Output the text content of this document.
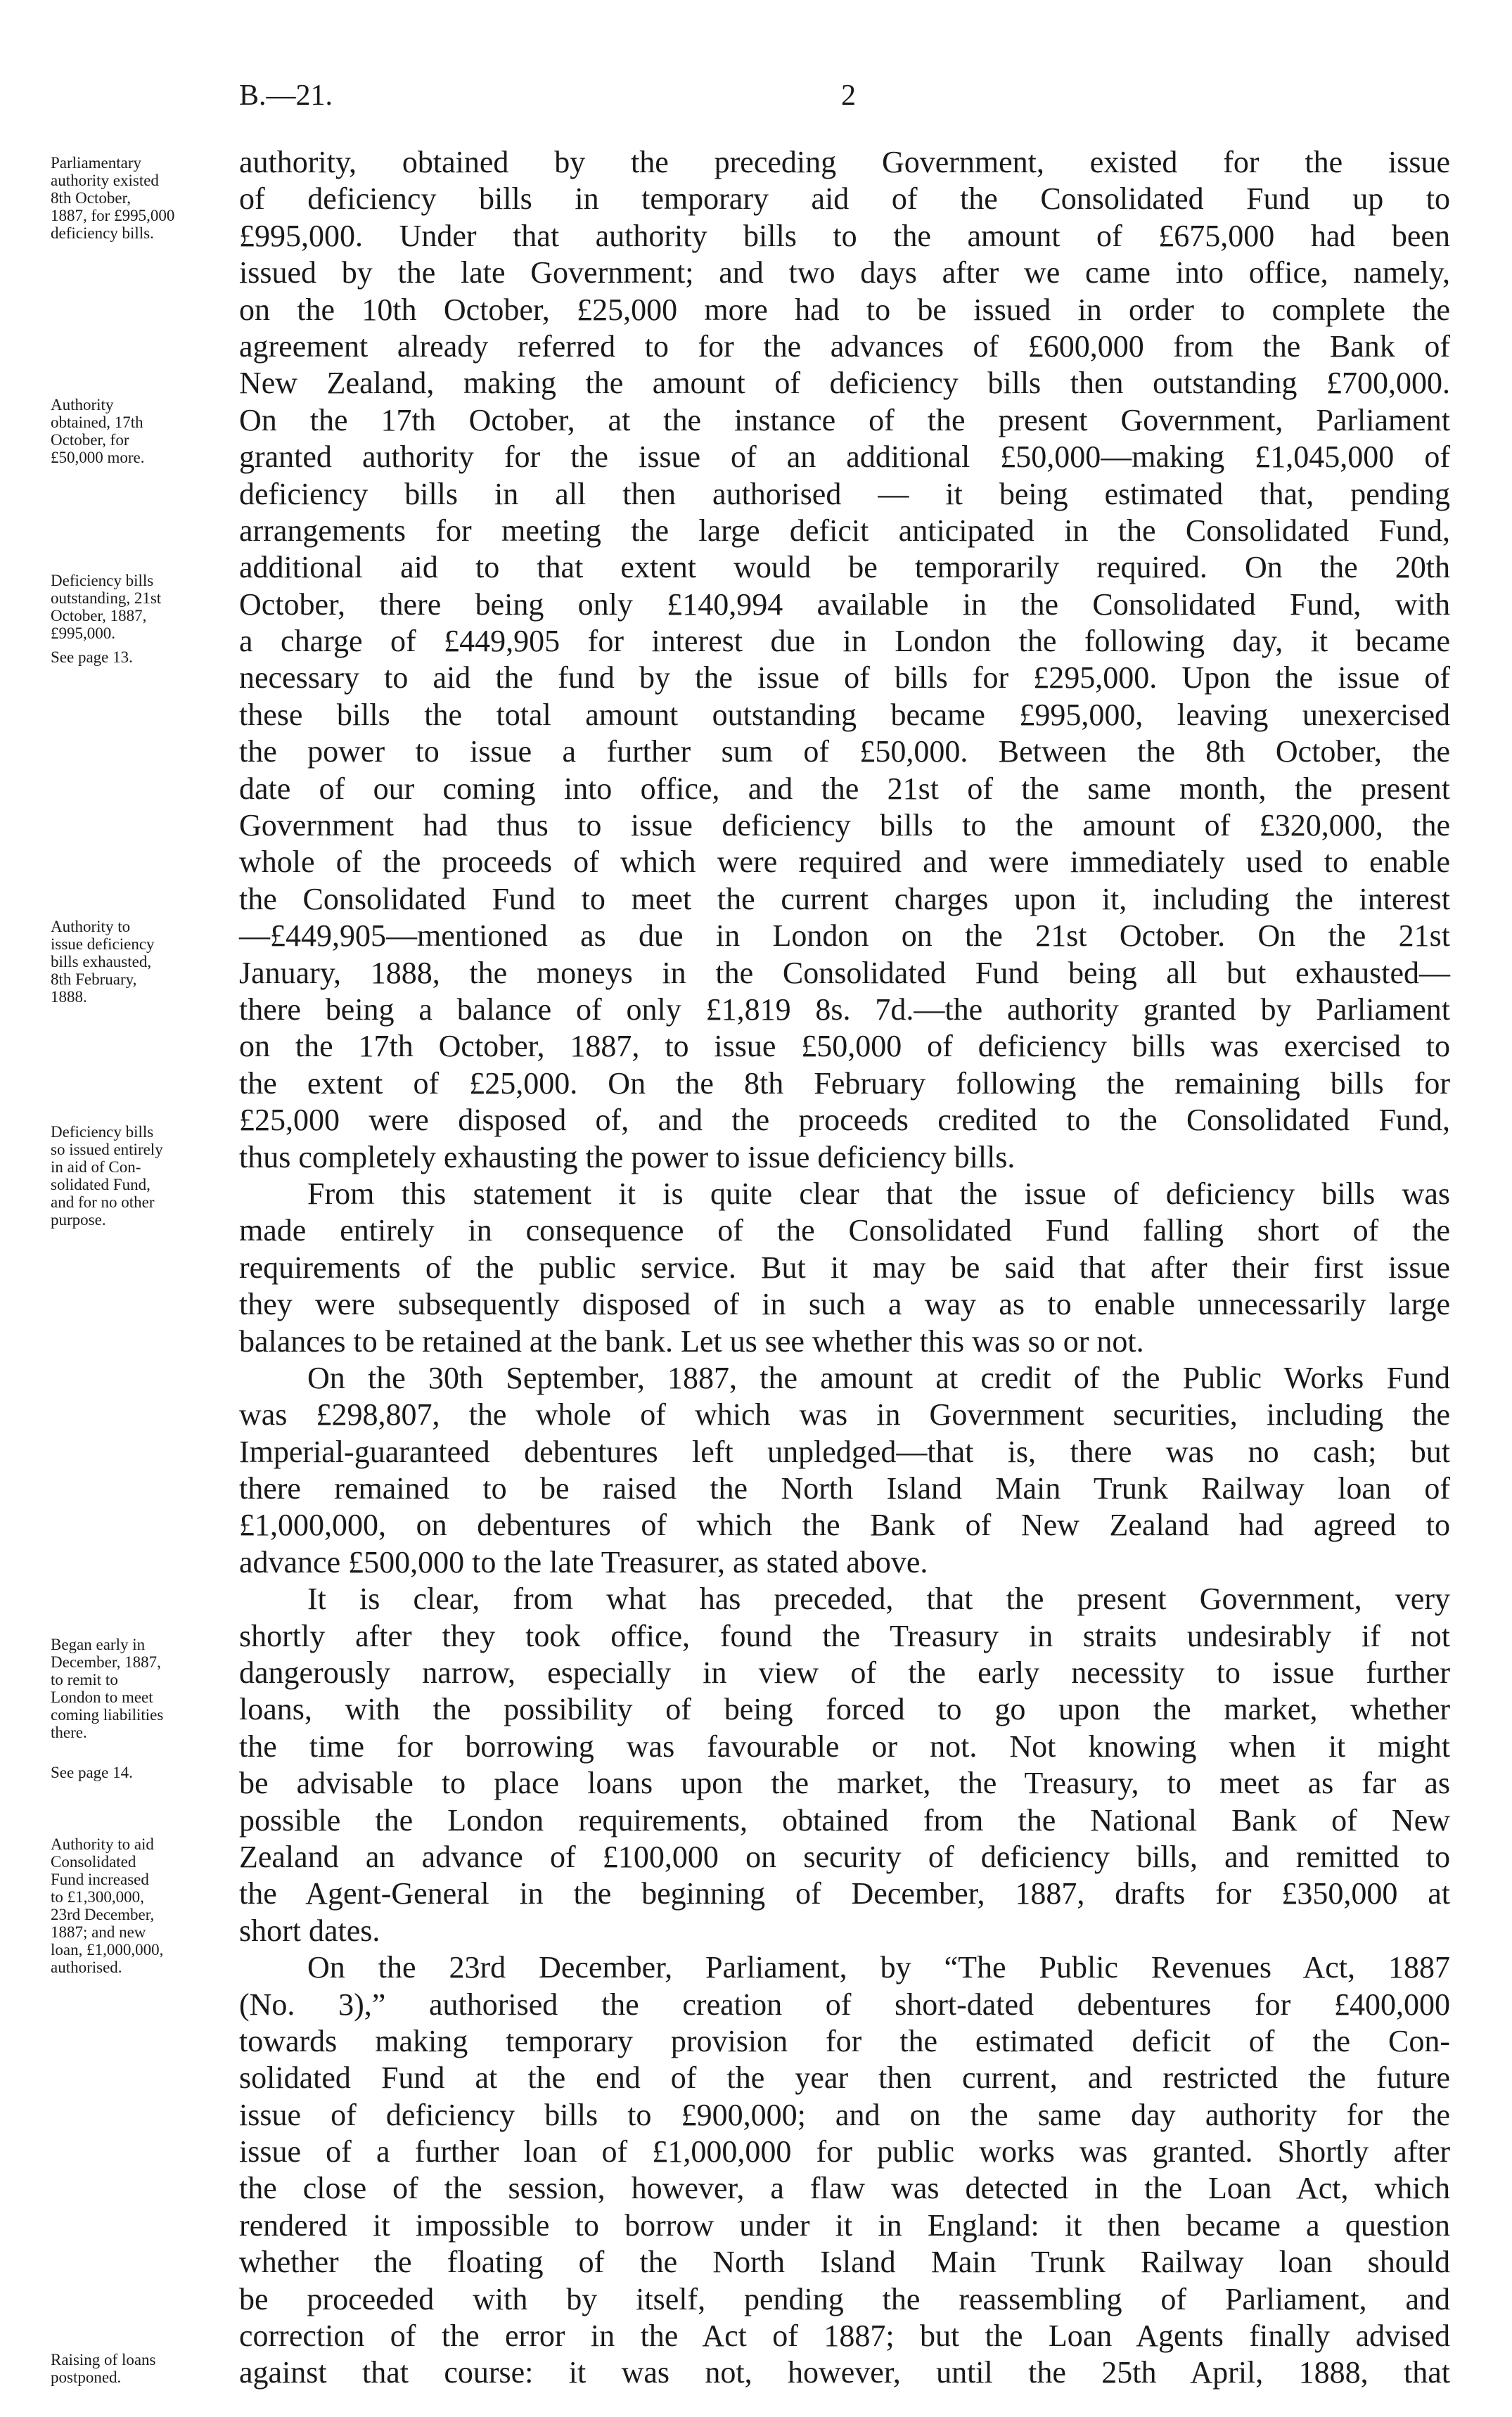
B.—21.	2
authority, obtained by the preceding Government, existed for the issue
of deficiency bills in temporary aid of the Consolidated Fund up to
£995,000. Under that authority bills to the amount of £675,000 had been
issued by the late Government; and two days after we came into office, namely,
on the 10th October, £25,000 more had to be issued in order to complete the
agreement already referred to for the advances of £600,000 from the Bank of
New Zealand, making the amount of deficiency bills then outstanding £700,000.
On the 17th October, at the instance of the present Government, Parliament
granted authority for the issue of an additional £50,000—making £1,045,000 of
deficiency bills in all then authorised — it being estimated that, pending
arrangements for meeting the large deficit anticipated in the Consolidated Fund,
additional aid to that extent would be temporarily required. On the 20th
October, there being only £140,994 available in the Consolidated Fund, with
a charge of £449,905 for interest due in London the following day, it became
necessary to aid the fund by the issue of bills for £295,000. Upon the issue of
these bills the total amount outstanding became £995,000, leaving unexercised
the power to issue a further sum of £50,000. Between the 8th October, the
date of our coming into office, and the 21st of the same month, the present
Government had thus to issue deficiency bills to the amount of £320,000, the
whole of the proceeds of which were required and were immediately used to enable
the Consolidated Fund to meet the current charges upon it, including the interest
—£449,905—mentioned as due in London on the 21st October. On the 21st
January, 1888, the moneys in the Consolidated Fund being all but exhausted—
there being a balance of only £1,819 8s. 7d.—the authority granted by Parliament
on the 17th October, 1887, to issue £50,000 of deficiency bills was exercised to
the extent of £25,000. On the 8th February following the remaining bills for
£25,000 were disposed of, and the proceeds credited to the Consolidated Fund,
thus completely exhausting the power to issue deficiency bills.
From this statement it is quite clear that the issue of deficiency bills was
made entirely in consequence of the Consolidated Fund falling short of the
requirements of the public service. But it may be said that after their first issue
they were subsequently disposed of in such a way as to enable unnecessarily large
balances to be retained at the bank. Let us see whether this was so or not.
On the 30th September, 1887, the amount at credit of the Public Works Fund
was £298,807, the whole of which was in Government securities, including the
Imperial-guaranteed debentures left unpledged—that is, there was no cash; but
there remained to be raised the North Island Main Trunk Railway loan of
£1,000,000, on debentures of which the Bank of New Zealand had agreed to
advance £500,000 to the late Treasurer, as stated above.
It is clear, from what has preceded, that the present Government, very
shortly after they took office, found the Treasury in straits undesirably if not
dangerously narrow, especially in view of the early necessity to issue further
loans, with the possibility of being forced to go upon the market, whether
the time for borrowing was favourable or not. Not knowing when it might
be advisable to place loans upon the market, the Treasury, to meet as far as
possible the London requirements, obtained from the National Bank of New
Zealand an advance of £100,000 on security of deficiency bills, and remitted to
the Agent-General in the beginning of December, 1887, drafts for £350,000 at
short dates.
On the 23rd December, Parliament, by “The Public Revenues Act, 1887
(No. 3),” authorised the creation of short-dated debentures for £400,000
towards making temporary provision for the estimated deficit of the Con-
solidated Fund at the end of the year then current, and restricted the future
issue of deficiency bills to £900,000; and on the same day authority for the
issue of a further loan of £1,000,000 for public works was granted. Shortly after
the close of the session, however, a flaw was detected in the Loan Act, which
rendered it impossible to borrow under it in England: it then became a question
whether the floating of the North Island Main Trunk Railway loan should
be proceeded with by itself, pending the reassembling of Parliament, and
correction of the error in the Act of 1887; but the Loan Agents finally advised
against that course: it was not, however, until the 25th April, 1888, that
Parliamentary
authority existed
8th October,
1887, for £995,000
deficiency bills.
Authority
obtained, 17th
October, for
£50,000 more.
Deficiency bills
outstanding, 21st
October, 1887,
£995,000.
See page 13.
Authority to
issue deficiency
bills exhausted,
8th February,
1888.
Deficiency bills
so issued entirely
in aid of Con-
solidated Fund,
and for no other
purpose.
Began early in
December, 1887,
to remit to
London to meet
coming liabilities
there.
See page 14.
Authority to aid
Consolidated
Fund increased
to £1,300,000,
23rd December,
1887; and new
loan, £1,000,000,
authorised.
Raising of loans
postponed.
